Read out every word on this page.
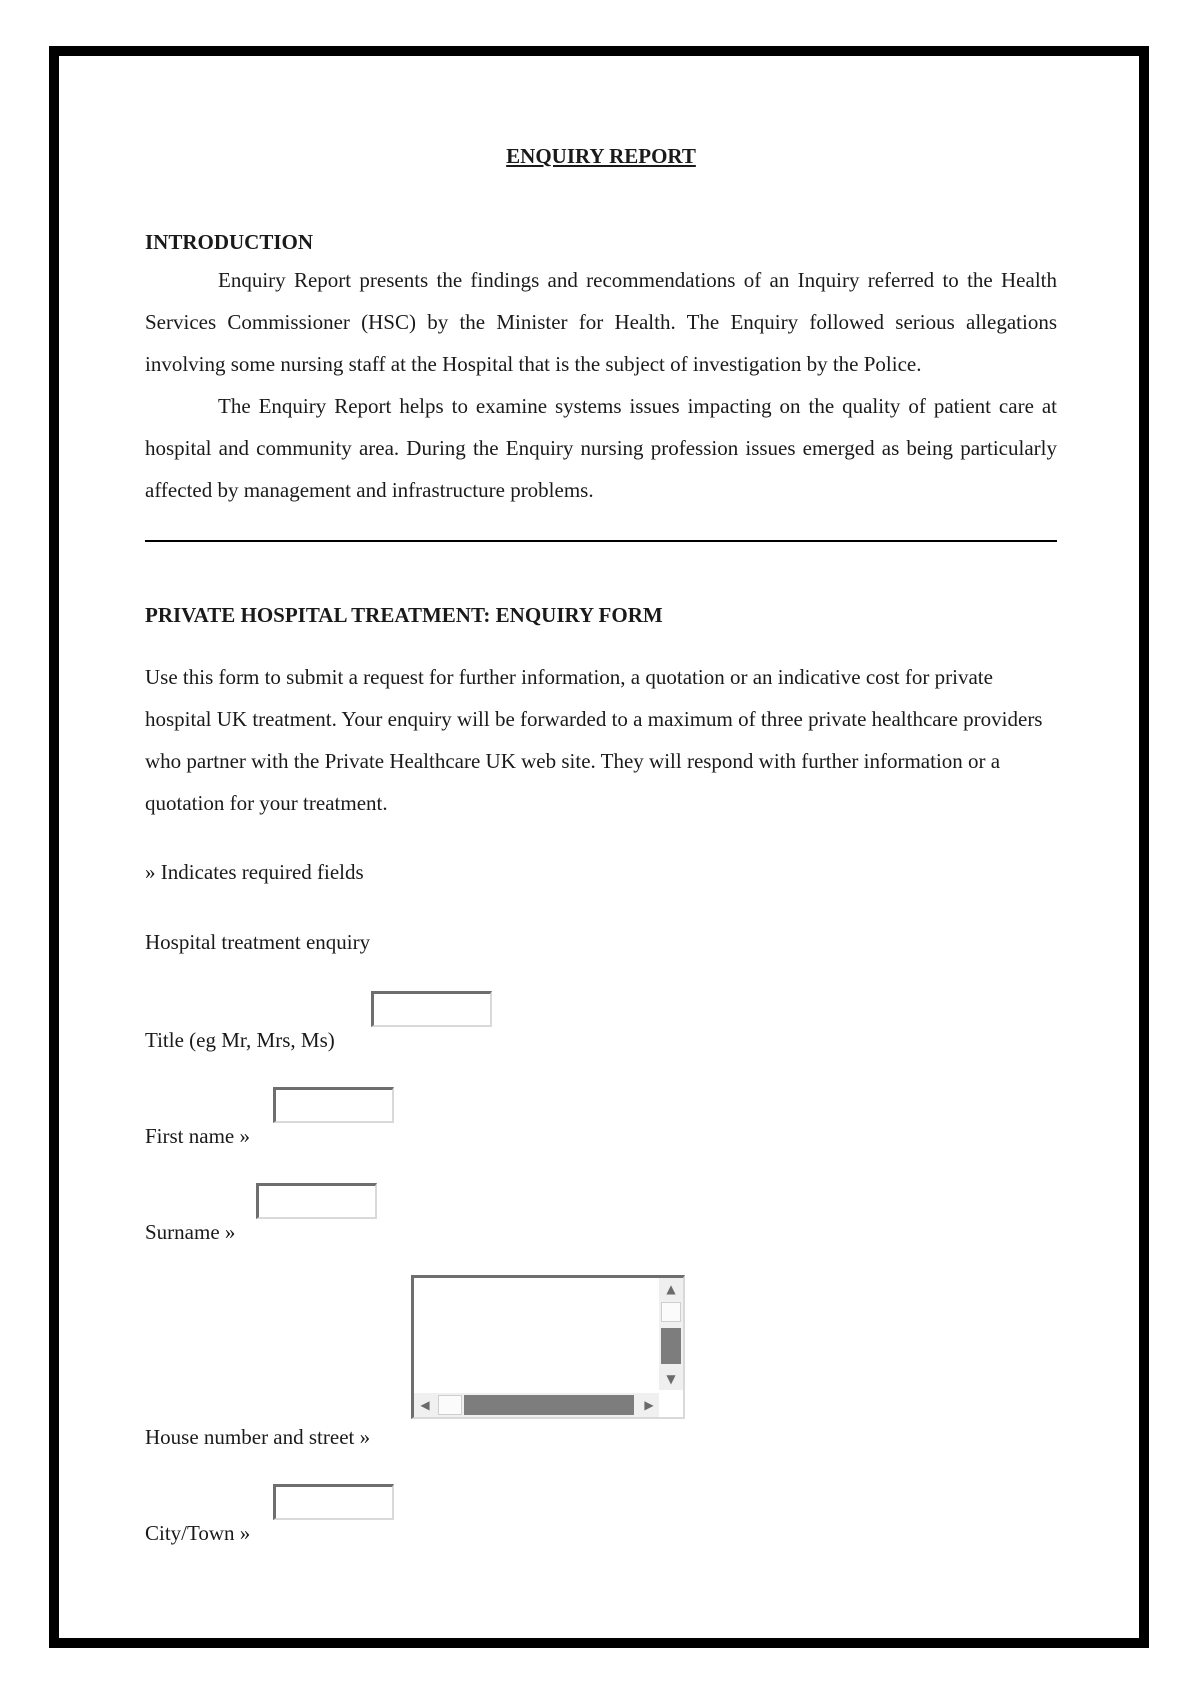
ENQUIRY REPORT
INTRODUCTION

Enquiry Report presents the findings and recommendations of an Inquiry referred to the Health Services Commissioner (HSC) by the Minister for Health. The Enquiry followed serious allegations involving some nursing staff at the Hospital that is the subject of investigation by the Police.

The Enquiry Report helps to examine systems issues impacting on the quality of patient care at hospital and community area. During the Enquiry nursing profession issues emerged as being particularly affected by management and infrastructure problems.

PRIVATE HOSPITAL TREATMENT: ENQUIRY FORM

Use this form to submit a request for further information, a quotation or an indicative cost for private hospital UK treatment. Your enquiry will be forwarded to a maximum of three private healthcare providers who partner with the Private Healthcare UK web site. They will respond with further information or a quotation for your treatment.

» Indicates required fields

Hospital treatment enquiry

Title (eg Mr, Mrs, Ms)
First name »
Surname »
House number and street »
▲
▼
◀	▶
City/Town »
